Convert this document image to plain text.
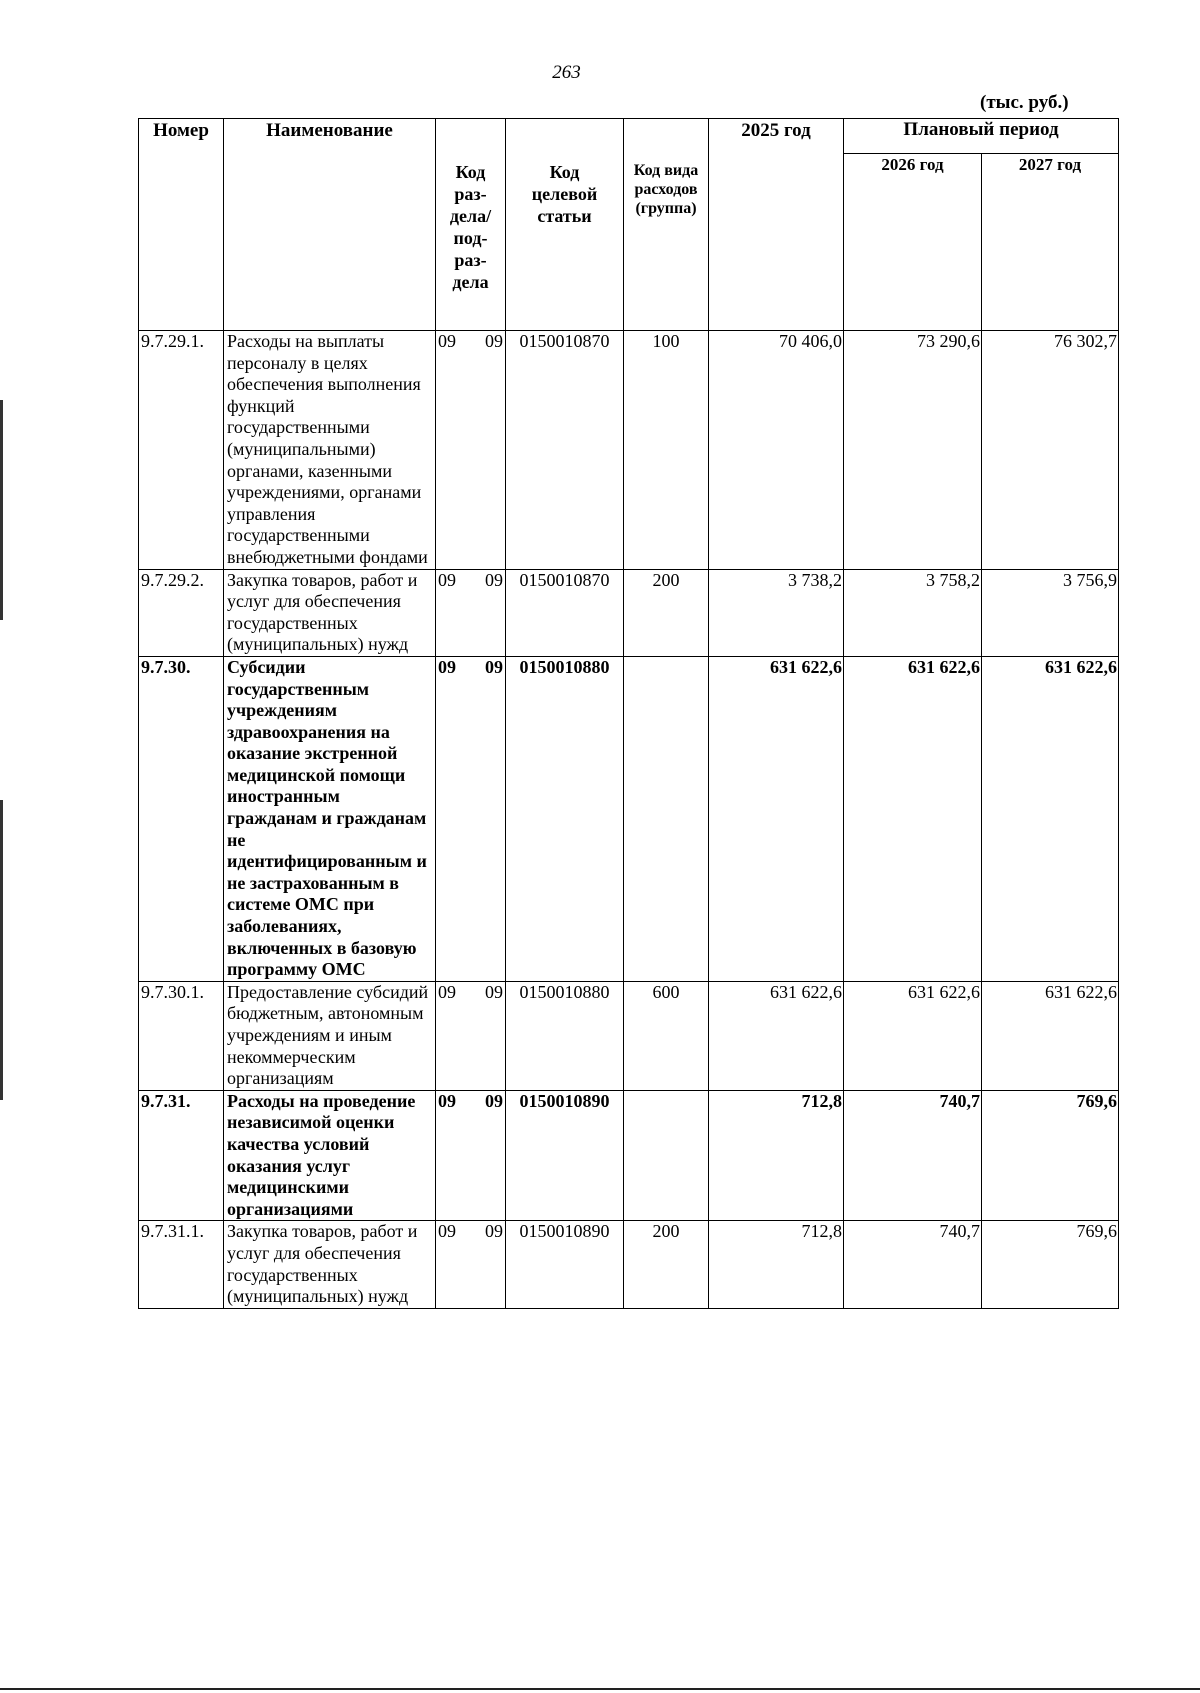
263
(тыс. руб.)
Номер	Наименование	Код раз-дела/ под-раз-дела	Код целевой статьи	Код вида расходов (группа)	2025 год	Плановый период	
						2026 год	2027 год
9.7.29.1.	Расходы на выплаты персоналу в целях обеспечения выполнения функций государственными (муниципальными) органами, казенными учреждениями, органами управления государственными внебюджетными фондами	09 09	0150010870	100	70 406,0	73 290,6	76 302,7
9.7.29.2.	Закупка товаров, работ и услуг для обеспечения государственных (муниципальных) нужд	09 09	0150010870	200	3 738,2	3 758,2	3 756,9
9.7.30.	Субсидии государственным учреждениям здравоохранения на оказание экстренной медицинской помощи иностранным гражданам и гражданам не идентифицированным и не застрахованным в системе ОМС при заболеваниях, включенных в базовую программу ОМС	09 09	0150010880		631 622,6	631 622,6	631 622,6
9.7.30.1.	Предоставление субсидий бюджетным, автономным учреждениям и иным некоммерческим организациям	09 09	0150010880	600	631 622,6	631 622,6	631 622,6
9.7.31.	Расходы на проведение независимой оценки качества условий оказания услуг медицинскими организациями	09 09	0150010890		712,8	740,7	769,6
9.7.31.1.	Закупка товаров, работ и услуг для обеспечения государственных (муниципальных) нужд	09 09	0150010890	200	712,8	740,7	769,6
